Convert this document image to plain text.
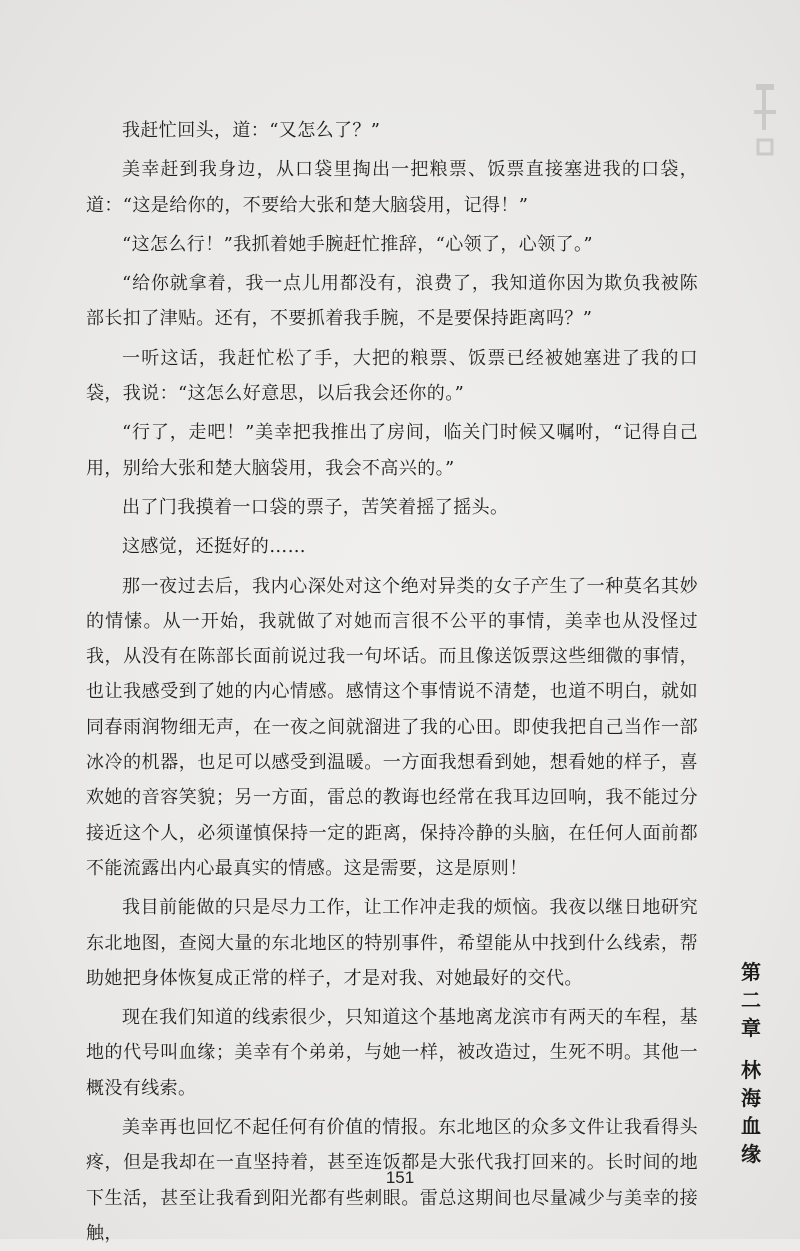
我赶忙回头，道：“又怎么了？”

美幸赶到我身边，从口袋里掏出一把粮票、饭票直接塞进我的口袋，道：“这是给你的，不要给大张和楚大脑袋用，记得！”

“这怎么行！”我抓着她手腕赶忙推辞，“心领了，心领了。”

“给你就拿着，我一点儿用都没有，浪费了，我知道你因为欺负我被陈部长扣了津贴。还有，不要抓着我手腕，不是要保持距离吗？”

一听这话，我赶忙松了手，大把的粮票、饭票已经被她塞进了我的口袋，我说：“这怎么好意思，以后我会还你的。”

“行了，走吧！”美幸把我推出了房间，临关门时候又嘱咐，“记得自己用，别给大张和楚大脑袋用，我会不高兴的。”

出了门我摸着一口袋的票子，苦笑着摇了摇头。

这感觉，还挺好的……

那一夜过去后，我内心深处对这个绝对异类的女子产生了一种莫名其妙的情愫。从一开始，我就做了对她而言很不公平的事情，美幸也从没怪过我，从没有在陈部长面前说过我一句坏话。而且像送饭票这些细微的事情，也让我感受到了她的内心情感。感情这个事情说不清楚，也道不明白，就如同春雨润物细无声，在一夜之间就溜进了我的心田。即使我把自己当作一部冰冷的机器，也足可以感受到温暖。一方面我想看到她，想看她的样子，喜欢她的音容笑貌；另一方面，雷总的教诲也经常在我耳边回响，我不能过分接近这个人，必须谨慎保持一定的距离，保持冷静的头脑，在任何人面前都不能流露出内心最真实的情感。这是需要，这是原则！

我目前能做的只是尽力工作，让工作冲走我的烦恼。我夜以继日地研究东北地图，查阅大量的东北地区的特别事件，希望能从中找到什么线索，帮助她把身体恢复成正常的样子，才是对我、对她最好的交代。

现在我们知道的线索很少，只知道这个基地离龙滨市有两天的车程，基地的代号叫血缘；美幸有个弟弟，与她一样，被改造过，生死不明。其他一概没有线索。

美幸再也回忆不起任何有价值的情报。东北地区的众多文件让我看得头疼，但是我却在一直坚持着，甚至连饭都是大张代我打回来的。长时间的地下生活，甚至让我看到阳光都有些刺眼。雷总这期间也尽量减少与美幸的接触，

第
二
章
林
海
血
缘
151
